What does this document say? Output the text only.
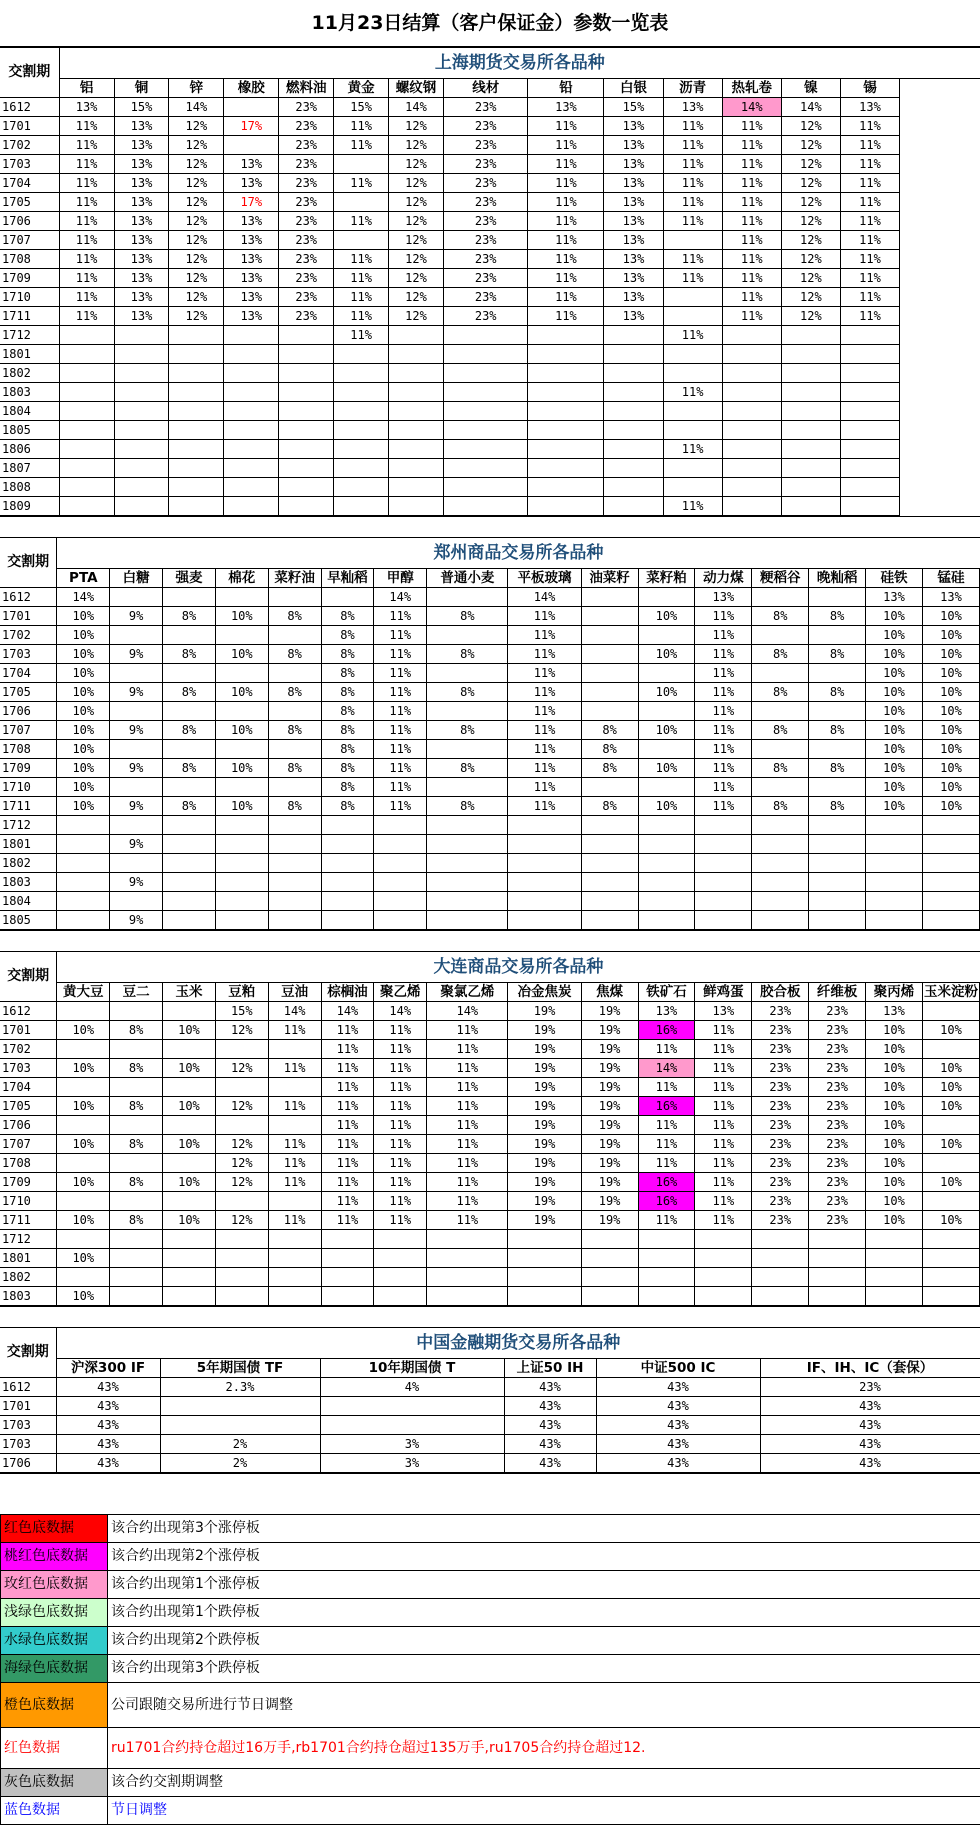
11月23日结算（客户保证金）参数一览表
交割期	上海期货交易所各品种														
	铝	铜	锌	橡胶	燃料油	黄金	螺纹钢	线材	铅	白银	沥青	热轧卷	镍	锡	
1612	13%	15%	14%		23%	15%	14%	23%	13%	15%	13%	14%	14%	13%	
1701	11%	13%	12%	17%	23%	11%	12%	23%	11%	13%	11%	11%	12%	11%	
1702	11%	13%	12%		23%	11%	12%	23%	11%	13%	11%	11%	12%	11%	
1703	11%	13%	12%	13%	23%		12%	23%	11%	13%	11%	11%	12%	11%	
1704	11%	13%	12%	13%	23%	11%	12%	23%	11%	13%	11%	11%	12%	11%	
1705	11%	13%	12%	17%	23%		12%	23%	11%	13%	11%	11%	12%	11%	
1706	11%	13%	12%	13%	23%	11%	12%	23%	11%	13%	11%	11%	12%	11%	
1707	11%	13%	12%	13%	23%		12%	23%	11%	13%		11%	12%	11%	
1708	11%	13%	12%	13%	23%	11%	12%	23%	11%	13%	11%	11%	12%	11%	
1709	11%	13%	12%	13%	23%	11%	12%	23%	11%	13%	11%	11%	12%	11%	
1710	11%	13%	12%	13%	23%	11%	12%	23%	11%	13%		11%	12%	11%	
1711	11%	13%	12%	13%	23%	11%	12%	23%	11%	13%		11%	12%	11%	
1712						11%					11%				
1801															
1802															
1803											11%				
1804															
1805															
1806											11%				
1807															
1808															
1809											11%				
交割期	郑州商品交易所各品种															
	PTA	白糖	强麦	棉花	菜籽油	早籼稻	甲醇	普通小麦	平板玻璃	油菜籽	菜籽粕	动力煤	粳稻谷	晚籼稻	硅铁	锰硅
1612	14%						14%		14%			13%			13%	13%
1701	10%	9%	8%	10%	8%	8%	11%	8%	11%		10%	11%	8%	8%	10%	10%
1702	10%					8%	11%		11%			11%			10%	10%
1703	10%	9%	8%	10%	8%	8%	11%	8%	11%		10%	11%	8%	8%	10%	10%
1704	10%					8%	11%		11%			11%			10%	10%
1705	10%	9%	8%	10%	8%	8%	11%	8%	11%		10%	11%	8%	8%	10%	10%
1706	10%					8%	11%		11%			11%			10%	10%
1707	10%	9%	8%	10%	8%	8%	11%	8%	11%	8%	10%	11%	8%	8%	10%	10%
1708	10%					8%	11%		11%	8%		11%			10%	10%
1709	10%	9%	8%	10%	8%	8%	11%	8%	11%	8%	10%	11%	8%	8%	10%	10%
1710	10%					8%	11%		11%			11%			10%	10%
1711	10%	9%	8%	10%	8%	8%	11%	8%	11%	8%	10%	11%	8%	8%	10%	10%
1712																
1801		9%														
1802																
1803		9%														
1804																
1805		9%														
交割期	大连商品交易所各品种															
	黄大豆	豆二	玉米	豆粕	豆油	棕榈油	聚乙烯	聚氯乙烯	冶金焦炭	焦煤	铁矿石	鲜鸡蛋	胶合板	纤维板	聚丙烯	玉米淀粉
1612				15%	14%	14%	14%	14%	19%	19%	13%	13%	23%	23%	13%	
1701	10%	8%	10%	12%	11%	11%	11%	11%	19%	19%	16%	11%	23%	23%	10%	10%
1702						11%	11%	11%	19%	19%	11%	11%	23%	23%	10%	
1703	10%	8%	10%	12%	11%	11%	11%	11%	19%	19%	14%	11%	23%	23%	10%	10%
1704						11%	11%	11%	19%	19%	11%	11%	23%	23%	10%	10%
1705	10%	8%	10%	12%	11%	11%	11%	11%	19%	19%	16%	11%	23%	23%	10%	10%
1706						11%	11%	11%	19%	19%	11%	11%	23%	23%	10%	
1707	10%	8%	10%	12%	11%	11%	11%	11%	19%	19%	11%	11%	23%	23%	10%	10%
1708				12%	11%	11%	11%	11%	19%	19%	11%	11%	23%	23%	10%	
1709	10%	8%	10%	12%	11%	11%	11%	11%	19%	19%	16%	11%	23%	23%	10%	10%
1710						11%	11%	11%	19%	19%	16%	11%	23%	23%	10%	
1711	10%	8%	10%	12%	11%	11%	11%	11%	19%	19%	11%	11%	23%	23%	10%	10%
1712																
1801	10%															
1802																
1803	10%															
交割期	中国金融期货交易所各品种					
	沪深300 IF	5年期国债 TF	10年期国债 T	上证50 IH	中证500 IC	IF、IH、IC（套保）
1612	43%	2.3%	4%	43%	43%	23%
1701	43%			43%	43%	43%
1703	43%			43%	43%	43%
1703	43%	2%	3%	43%	43%	43%
1706	43%	2%	3%	43%	43%	43%
红色底数据	该合约出现第3个涨停板
桃红色底数据	该合约出现第2个涨停板
玫红色底数据	该合约出现第1个涨停板
浅绿色底数据	该合约出现第1个跌停板
水绿色底数据	该合约出现第2个跌停板
海绿色底数据	该合约出现第3个跌停板
橙色底数据	公司跟随交易所进行节日调整
红色数据	ru1701合约持仓超过16万手,rb1701合约持仓超过135万手,ru1705合约持仓超过12.
灰色底数据	该合约交割期调整
蓝色数据	节日调整
